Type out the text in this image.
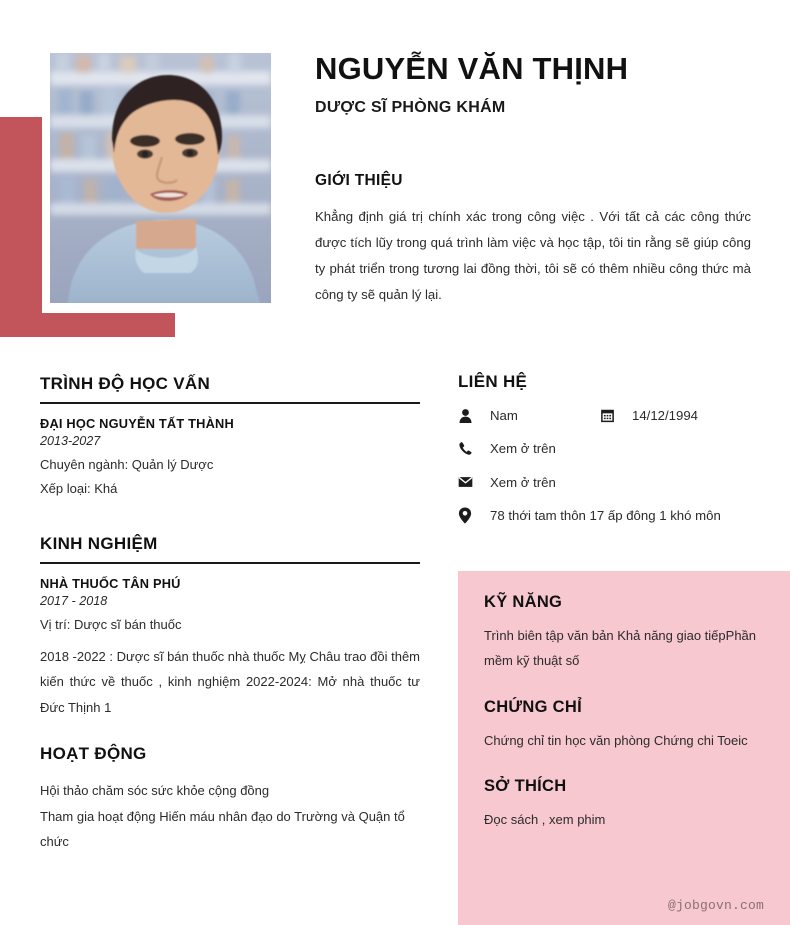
NGUYỄN VĂN THỊNH
DƯỢC SĨ PHÒNG KHÁM
GIỚI THIỆU

Khẳng định giá trị chính xác trong công việc . Với tất cả các công thức được tích lũy trong quá trình làm việc và học tập, tôi tin rằng sẽ giúp công ty phát triển trong tương lai đồng thời, tôi sẽ có thêm nhiều công thức mà công ty sẽ quản lý lại.

TRÌNH ĐỘ HỌC VẤN
ĐẠI HỌC NGUYỄN TẤT THÀNH
2013-2027
Chuyên ngành: Quản lý Dược
Xếp loại: Khá
KINH NGHIỆM
NHÀ THUỐC TÂN PHÚ
2017 - 2018
Vị trí: Dược sĩ bán thuốc

2018 -2022 : Dược sĩ bán thuốc nhà thuốc Mỵ Châu trao đồi thêm kiến thức về thuốc , kinh nghiệm 2022-2024: Mở nhà thuốc tư Đức Thịnh 1

HOẠT ĐỘNG

Hội thảo chăm sóc sức khỏe cộng đồng

Tham gia hoạt động Hiến máu nhân đạo do Trường và Quận tổ chức

LIÊN HỆ
Nam	14/12/1994
Xem ở trên
Xem ở trên
78 thới tam thôn 17 ấp đông 1 khó môn
KỸ NĂNG

Trình biên tập văn bản Khả năng giao tiếpPhần mềm kỹ thuật số

CHỨNG CHỈ

Chứng chỉ tin học văn phòng Chứng chi Toeic

SỞ THÍCH

Đọc sách , xem phim

@jobgovn.com
